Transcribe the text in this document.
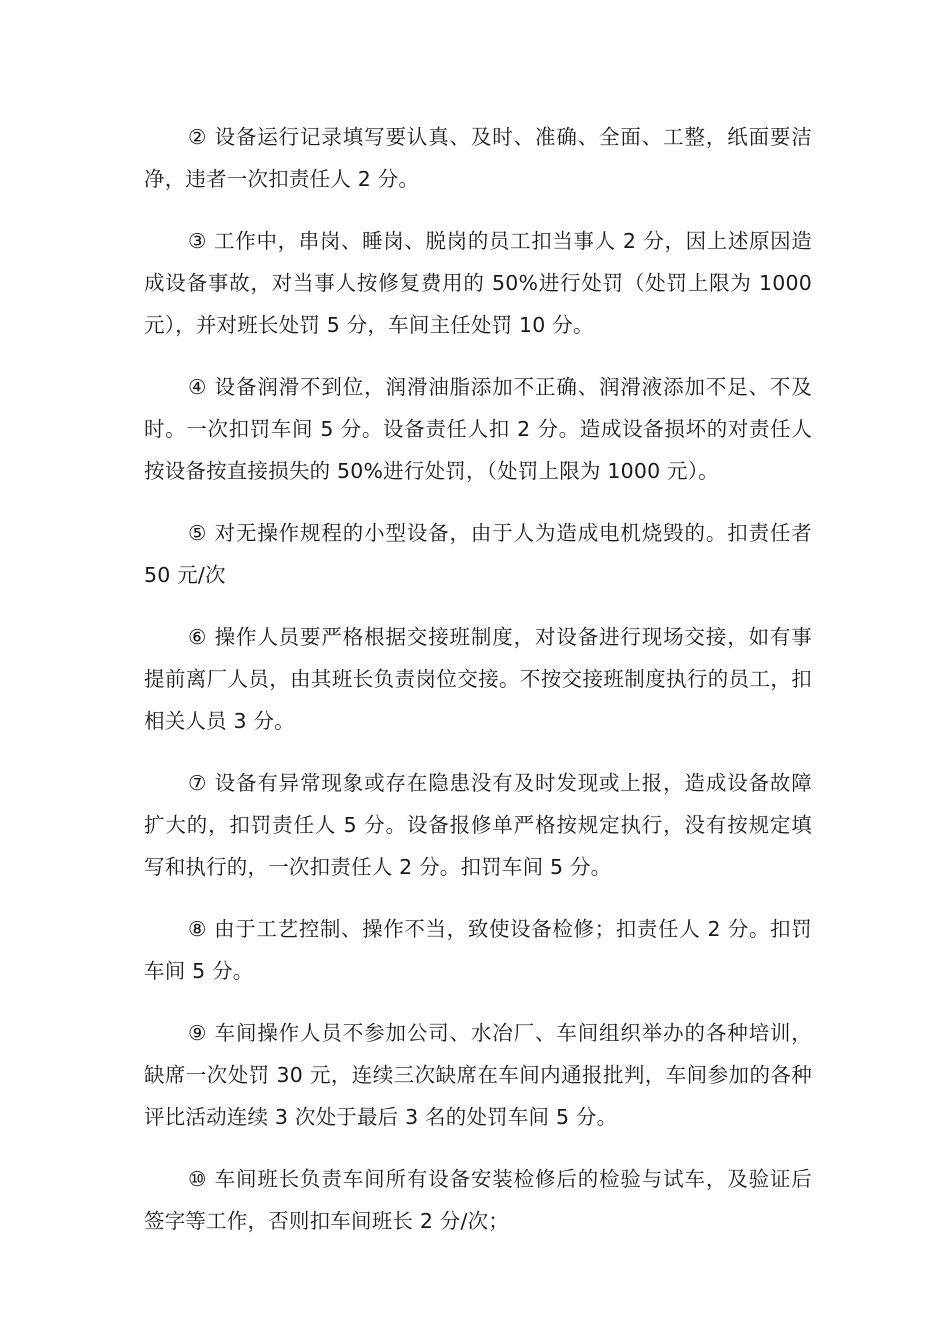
② 设备运行记录填写要认真、及时、准确、全面、工整，纸面要洁净，违者一次扣责任人 2 分。

③ 工作中，串岗、睡岗、脱岗的员工扣当事人 2 分，因上述原因造成设备事故，对当事人按修复费用的 50%进行处罚（处罚上限为 1000 元），并对班长处罚 5 分，车间主任处罚 10 分。

④ 设备润滑不到位，润滑油脂添加不正确、润滑液添加不足、不及时。一次扣罚车间 5 分。设备责任人扣 2 分。造成设备损坏的对责任人按设备按直接损失的 50%进行处罚，（处罚上限为 1000 元）。

⑤ 对无操作规程的小型设备，由于人为造成电机烧毁的。扣责任者 50 元/次

⑥ 操作人员要严格根据交接班制度，对设备进行现场交接，如有事提前离厂人员，由其班长负责岗位交接。不按交接班制度执行的员工，扣相关人员 3 分。

⑦ 设备有异常现象或存在隐患没有及时发现或上报，造成设备故障扩大的，扣罚责任人 5 分。设备报修单严格按规定执行，没有按规定填写和执行的，一次扣责任人 2 分。扣罚车间 5 分。

⑧ 由于工艺控制、操作不当，致使设备检修；扣责任人 2 分。扣罚车间 5 分。

⑨ 车间操作人员不参加公司、水冶厂、车间组织举办的各种培训，缺席一次处罚 30 元，连续三次缺席在车间内通报批判，车间参加的各种评比活动连续 3 次处于最后 3 名的处罚车间 5 分。

⑩ 车间班长负责车间所有设备安装检修后的检验与试车，及验证后签字等工作，否则扣车间班长 2 分/次；
